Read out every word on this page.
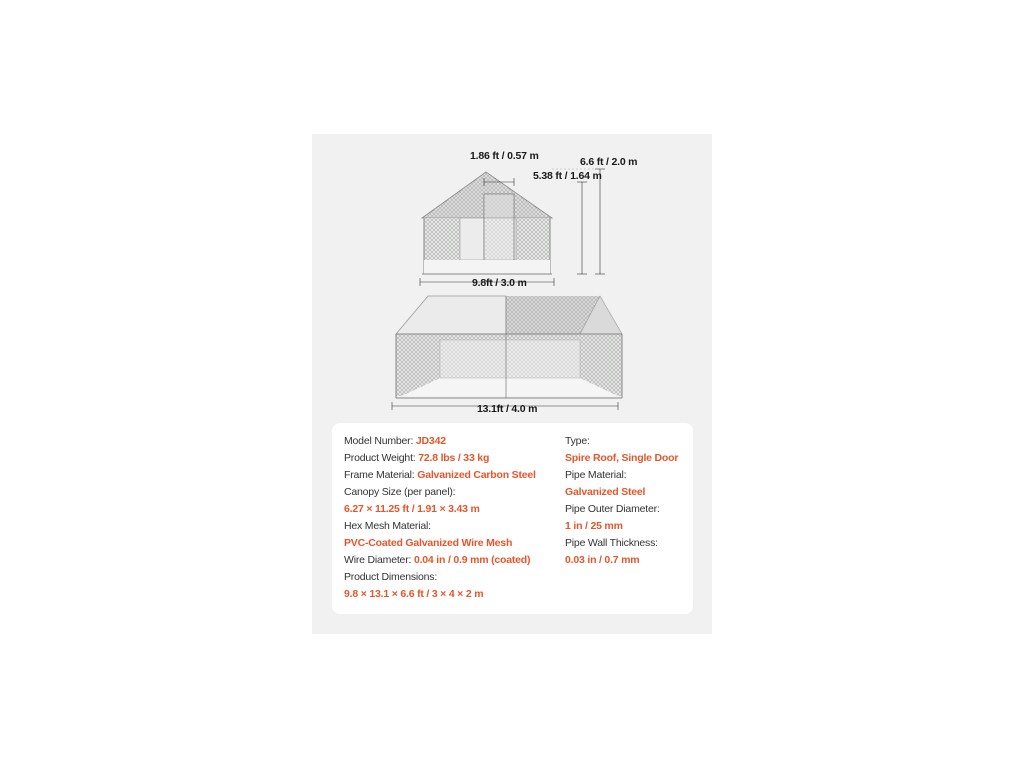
1.86 ft / 0.57 m	6.6 ft / 2.0 m
5.38 ft / 1.64 m
9.8ft / 3.0 m
13.1ft / 4.0 m
Model Number: JD342
Product Weight: 72.8 lbs / 33 kg
Frame Material: Galvanized Carbon Steel
Canopy Size (per panel):
6.27 × 11.25 ft / 1.91 × 3.43 m
Hex Mesh Material:
PVC-Coated Galvanized Wire Mesh
Wire Diameter: 0.04 in / 0.9 mm (coated)
Product Dimensions:
9.8 × 13.1 × 6.6 ft / 3 × 4 × 2 m
Type:
Spire Roof, Single Door
Pipe Material:
Galvanized Steel
Pipe Outer Diameter:
1 in / 25 mm
Pipe Wall Thickness:
0.03 in / 0.7 mm
